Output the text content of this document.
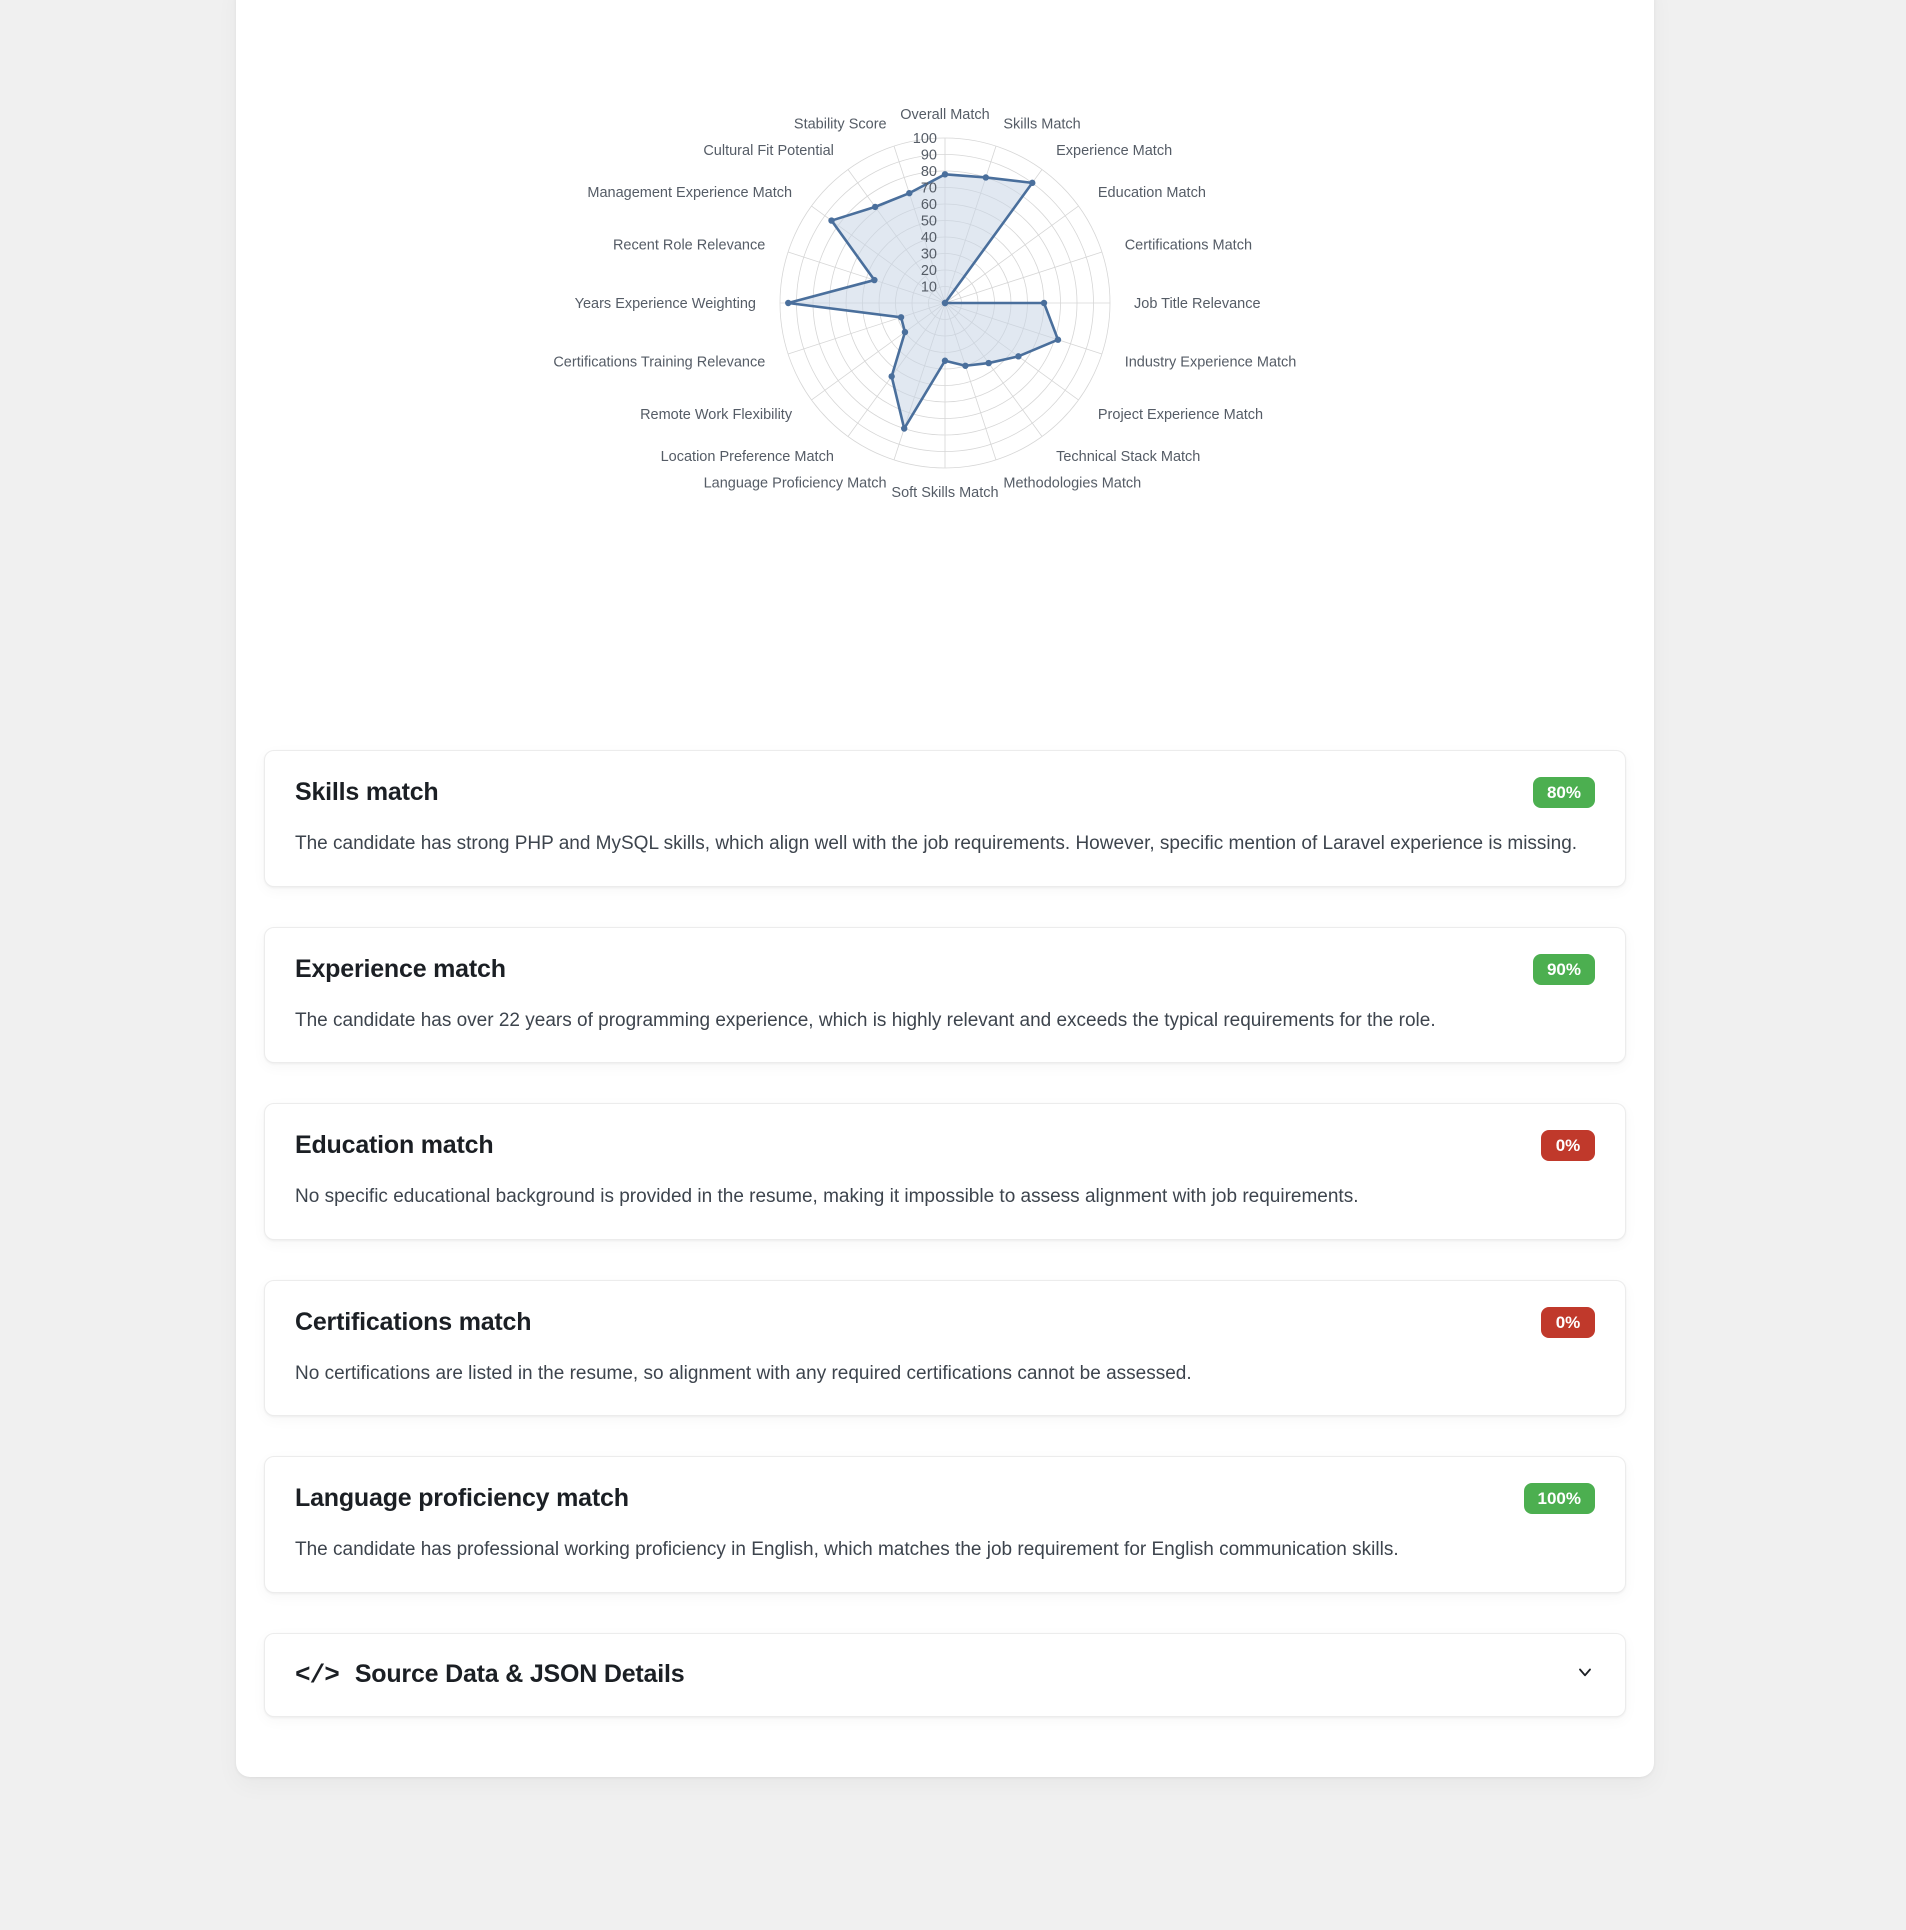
10
20
30
40
50
60
70
80
90
100
Overall Match
Skills Match
Experience Match
Education Match
Certifications Match
Job Title Relevance
Industry Experience Match
Project Experience Match
Technical Stack Match
Methodologies Match
Soft Skills Match
Language Proficiency Match
Location Preference Match
Remote Work Flexibility
Certifications Training Relevance
Years Experience Weighting
Recent Role Relevance
Management Experience Match
Cultural Fit Potential
Stability Score
Skills match	80%
The candidate has strong PHP and MySQL skills, which align well with the job requirements. However, specific mention of Laravel experience is missing.
Experience match	90%
The candidate has over 22 years of programming experience, which is highly relevant and exceeds the typical requirements for the role.
Education match	0%
No specific educational background is provided in the resume, making it impossible to assess alignment with job requirements.
Certifications match	0%
No certifications are listed in the resume, so alignment with any required certifications cannot be assessed.
Language proficiency match	100%
The candidate has professional working proficiency in English, which matches the job requirement for English communication skills.
</> Source Data & JSON Details
